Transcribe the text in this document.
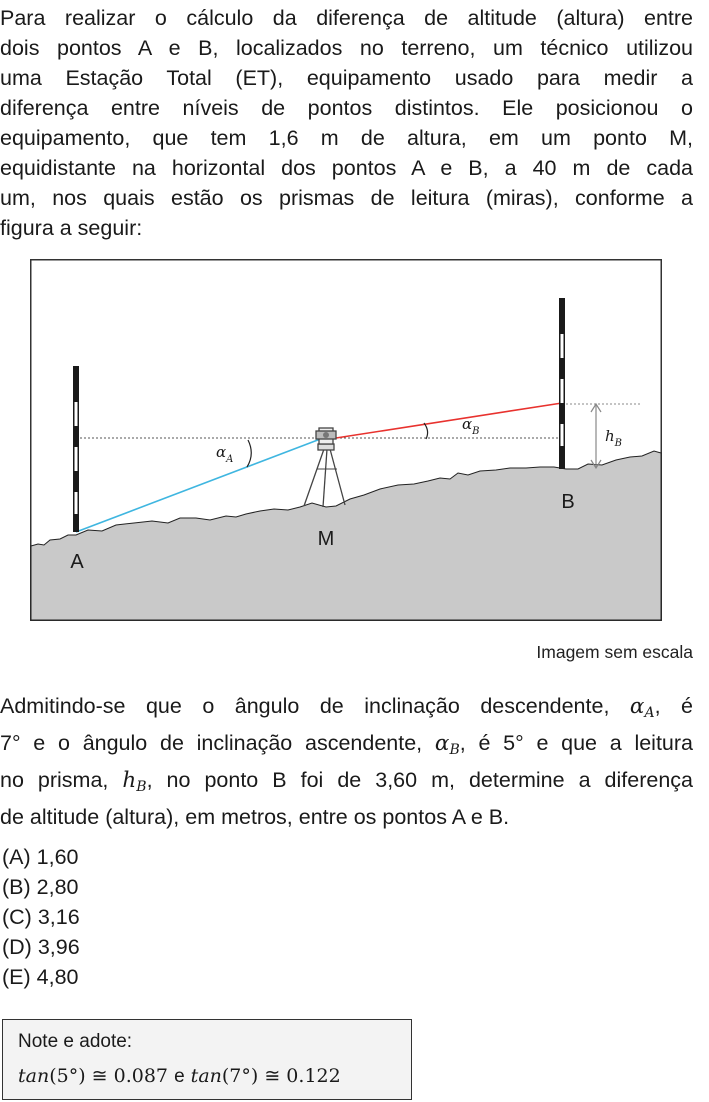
Para realizar o cálculo da diferença de altitude (altura) entre
dois pontos A e B, localizados no terreno, um técnico utilizou
uma Estação Total (ET), equipamento usado para medir a
diferença entre níveis de pontos distintos. Ele posicionou o
equipamento, que tem 1,6 m de altura, em um ponto M,
equidistante na horizontal dos pontos A e B, a 40 m de cada
um, nos quais estão os prismas de leitura (miras), conforme a
figura a seguir:
A
M
B
$\alpha_A$
$\alpha_B$	$h_B$
Imagem sem escala
Admitindo-se que o ângulo de inclinação descendente, αA, é
7° e o ângulo de inclinação ascendente, αB, é 5° e que a leitura
no prisma, hB, no ponto B foi de 3,60 m, determine a diferença
de altitude (altura), em metros, entre os pontos A e B.
(A) 1,60
(B) 2,80
(C) 3,16
(D) 3,96
(E) 4,80
Note e adote:
tan(5°) ≅ 0.087 e tan(7°) ≅ 0.122
